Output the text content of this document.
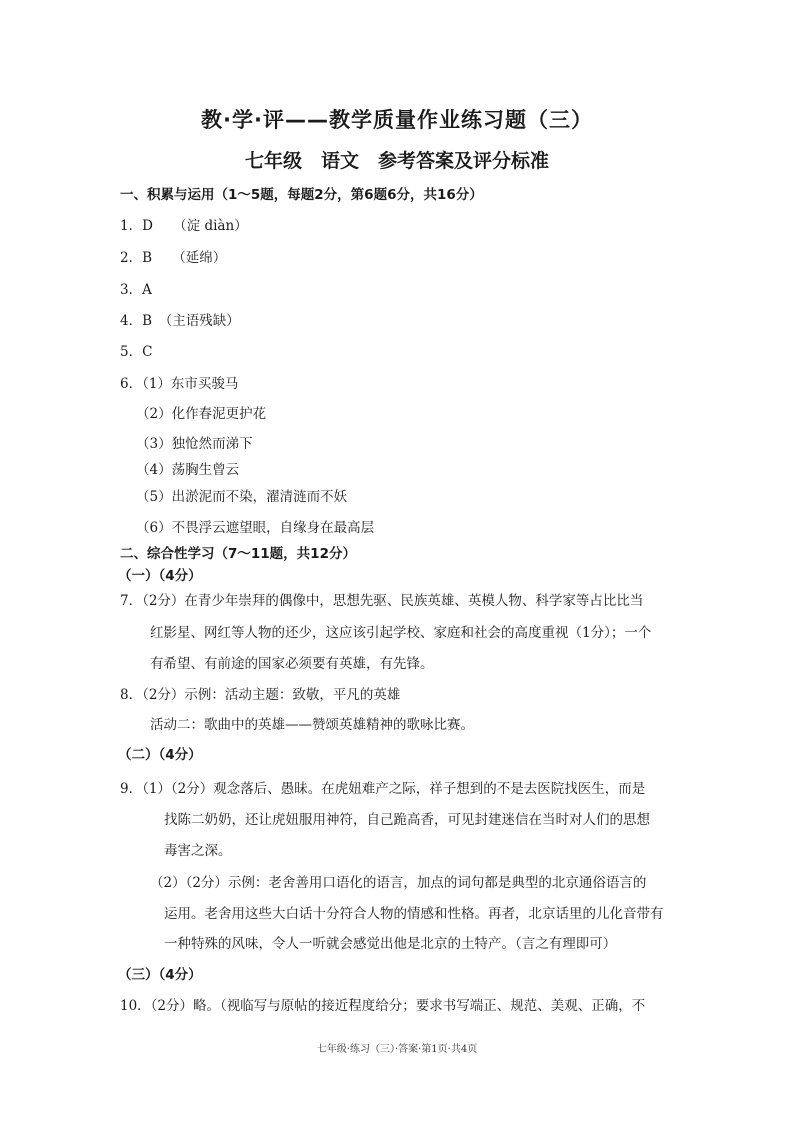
教·学·评——教学质量作业练习题（三）
七年级　语文　参考答案及评分标准
一、积累与运用（1～5题，每题2分，第6题6分，共16分）
1．D　　（淀 diàn）
2．B　　（延绵）
3．A
4．B　（主语残缺）
5．C
6．（1）东市买骏马
（2）化作春泥更护花
（3）独怆然而涕下
（4）荡胸生曾云
（5）出淤泥而不染，濯清涟而不妖
（6）不畏浮云遮望眼，自缘身在最高层
二、综合性学习（7～11题，共12分）
（一）（4分）
7．（2分）在青少年崇拜的偶像中，思想先驱、民族英雄、英模人物、科学家等占比比当
红影星、网红等人物的还少，这应该引起学校、家庭和社会的高度重视（1分）；一个
有希望、有前途的国家必须要有英雄，有先锋。
8．（2分）示例：活动主题：致敬，平凡的英雄
活动二：歌曲中的英雄——赞颂英雄精神的歌咏比赛。
（二）（4分）
9．（1）（2分）观念落后、愚昧。在虎妞难产之际，祥子想到的不是去医院找医生，而是
找陈二奶奶，还让虎妞服用神符，自己跪高香，可见封建迷信在当时对人们的思想
毒害之深。
（2）（2分）示例：老舍善用口语化的语言，加点的词句都是典型的北京通俗语言的
运用。老舍用这些大白话十分符合人物的情感和性格。再者，北京话里的儿化音带有
一种特殊的风味，令人一听就会感觉出他是北京的土特产。（言之有理即可）
（三）（4分）
10．（2分）略。（视临写与原帖的接近程度给分；要求书写端正、规范、美观、正确，不
七年级·练习（三）·答案·第1页·共4页
